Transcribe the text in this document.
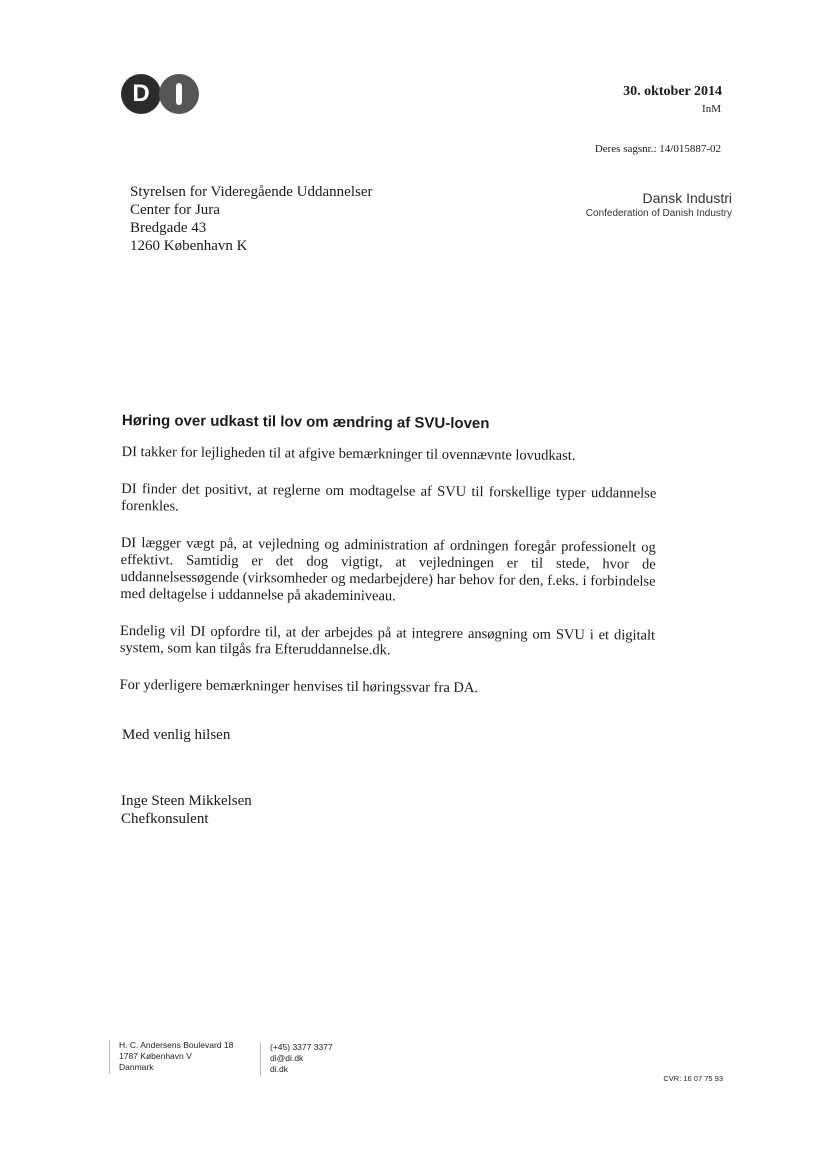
D	30. oktober 2014
InM
Deres sagsnr.: 14/015887-02
Styrelsen for Videregående Uddannelser
Center for Jura
Bredgade 43
1260 København K
Dansk Industri
Confederation of Danish Industry
Høring over udkast til lov om ændring af SVU-loven

DI takker for lejligheden til at afgive bemærkninger til ovennævnte lovudkast.

DI finder det positivt, at reglerne om modtagelse af SVU til forskellige typer uddannelse forenkles.

DI lægger vægt på, at vejledning og administration af ordningen foregår professionelt og effektivt. Samtidig er det dog vigtigt, at vejledningen er til stede, hvor de uddannelsessøgende (virksomheder og medarbejdere) har behov for den, f.eks. i forbindelse med deltagelse i uddannelse på akademiniveau.

Endelig vil DI opfordre til, at der arbejdes på at integrere ansøgning om SVU i et digitalt system, som kan tilgås fra Efteruddannelse.dk.

For yderligere bemærkninger henvises til høringssvar fra DA.

Med venlig hilsen
Inge Steen Mikkelsen
Chefkonsulent
H. C. Andersens Boulevard 18
1787 København V
Danmark
(+45) 3377 3377
di@di.dk
di.dk
CVR: 16 07 75 93
